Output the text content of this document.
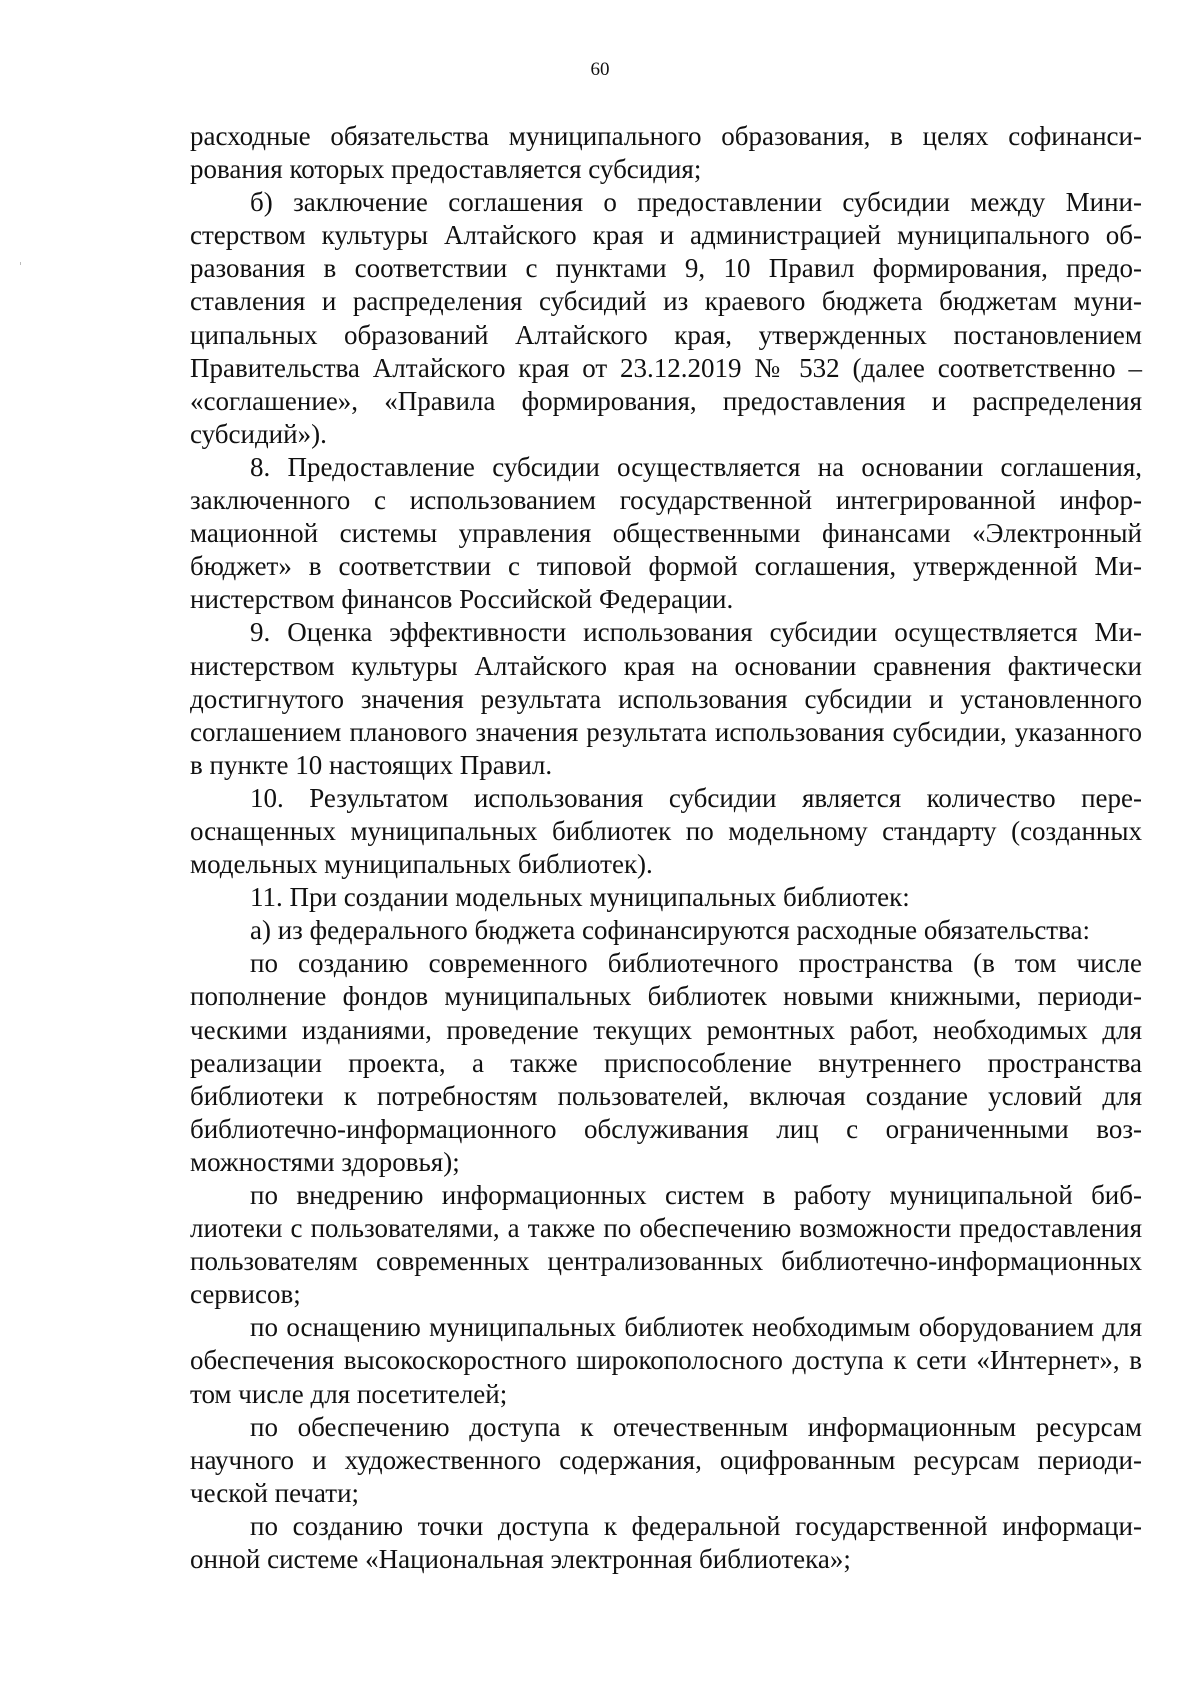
60

расходные обязательства муниципального образования, в целях софинансирования которых предоставляется субсидия;

б) заключение соглашения о предоставлении субсидии между Министерством культуры Алтайского края и администрацией муниципального образования в соответствии с пунктами 9, 10 Правил формирования, предоставления и распределения субсидий из краевого бюджета бюджетам муниципальных образований Алтайского края, утвержденных постановлением Правительства Алтайского края от 23.12.2019 № 532 (далее соответственно – «соглашение», «Правила формирования, предоставления и распределения субсидий»).

8. Предоставление субсидии осуществляется на основании соглашения, заключенного с использованием государственной интегрированной информационной системы управления общественными финансами «Электронный бюджет» в соответствии с типовой формой соглашения, утвержденной Министерством финансов Российской Федерации.

9. Оценка эффективности использования субсидии осуществляется Министерством культуры Алтайского края на основании сравнения фактически достигнутого значения результата использования субсидии и установленного соглашением планового значения результата использования субсидии, указанного в пункте 10 настоящих Правил.

10. Результатом использования субсидии является количество переоснащенных муниципальных библиотек по модельному стандарту (созданных модельных муниципальных библиотек).

11. При создании модельных муниципальных библиотек:

а) из федерального бюджета софинансируются расходные обязательства:

по созданию современного библиотечного пространства (в том числе пополнение фондов муниципальных библиотек новыми книжными, периодическими изданиями, проведение текущих ремонтных работ, необходимых для реализации проекта, а также приспособление внутреннего пространства библиотеки к потребностям пользователей, включая создание условий для библиотечно-информационного обслуживания лиц с ограниченными возможностями здоровья);

по внедрению информационных систем в работу муниципальной библиотеки с пользователями, а также по обеспечению возможности предоставления пользователям современных централизованных библиотечно-информационных сервисов;

по оснащению муниципальных библиотек необходимым оборудованием для обеспечения высокоскоростного широкополосного доступа к сети «Интернет», в том числе для посетителей;

по обеспечению доступа к отечественным информационным ресурсам научного и художественного содержания, оцифрованным ресурсам периодической печати;

по созданию точки доступа к федеральной государственной информационной системе «Национальная электронная библиотека»;
